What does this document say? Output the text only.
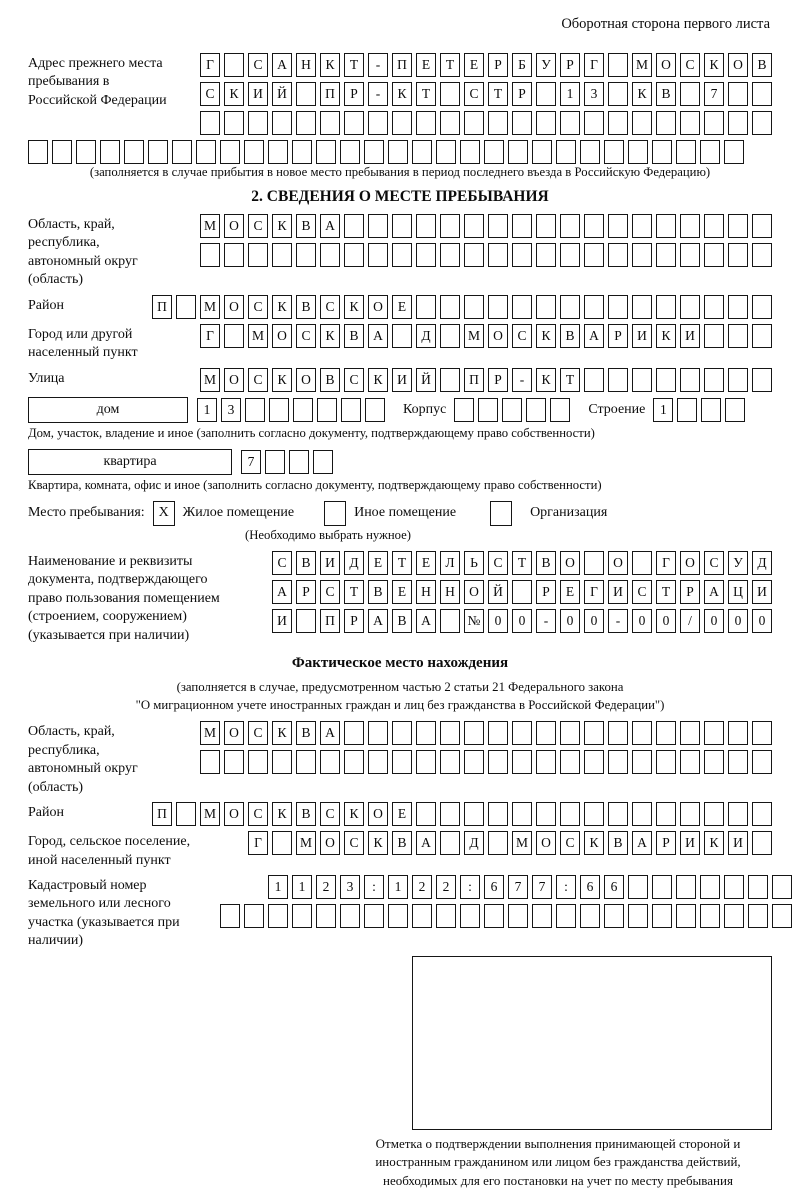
Оборотная сторона первого листа
Адрес прежнего места пребывания в Российской Федерации
Г	С	А	Н	К	Т	-	П	Е	Т	Е	Р	Б	У	Р	Г	М О	С	К	О	В
С	К	И	Й	П	Р	-	К	Т	С	Т	Р	1	3	К	В	7
(заполняется в случае прибытия в новое место пребывания в период последнего въезда в Российскую Федерацию)
2. СВЕДЕНИЯ О МЕСТЕ ПРЕБЫВАНИЯ
Область, край, республика, автономный округ (область)
М О	С	К	В	А
Район	П	М О	С	К	В	С	К	О	Е
Город или другой населенный пункт
Г	М О	С	К	В	А	Д	М О	С	К	В	А	Р	И	К	И
Улица	М О	С	К	О	В	С	К	И	Й	П	Р	-	К	Т
дом	1	3	Корпус	Строение	1
Дом, участок, владение и иное (заполнить согласно документу, подтверждающему право собственности)
квартира	7
Квартира, комната, офис и иное (заполнить согласно документу, подтверждающему право собственности)
Место пребывания: X Жилое помещение	Иное помещение	Организация
(Необходимо выбрать нужное)
Наименование и реквизиты документа, подтверждающего право пользования помещением (строением, сооружением) (указывается при наличии)
С	В	И	Д	Е	Т	Е	Л	Ь	С	Т	В	О	О	Г	О	С	У	Д
А	Р	С	Т	В	Е	Н	Н	О	Й	Р	Е	Г	И	С	Т	Р	А	Ц	И
И	П	Р	А	В	А	№	0	0	-	0	0	-	0	0	/	0	0	0
Фактическое место нахождения
(заполняется в случае, предусмотренном частью 2 статьи 21 Федерального закона
"О миграционном учете иностранных граждан и лиц без гражданства в Российской Федерации")
Область, край, республика, автономный округ (область)
М О	С	К	В	А
Район	П	М О	С	К	В	С	К	О	Е
Город, сельское поселение, иной населенный пункт
Г	М О	С	К	В	А	Д	М О	С	К	В	А	Р	И	К	И
Кадастровый номер земельного или лесного участка (указывается при наличии)
1	1	2	3	:	1	2	2	:	6	7	7	:	6	6
Отметка о подтверждении выполнения принимающей стороной и иностранным гражданином или лицом без гражданства действий, необходимых для его постановки на учет по месту пребывания
